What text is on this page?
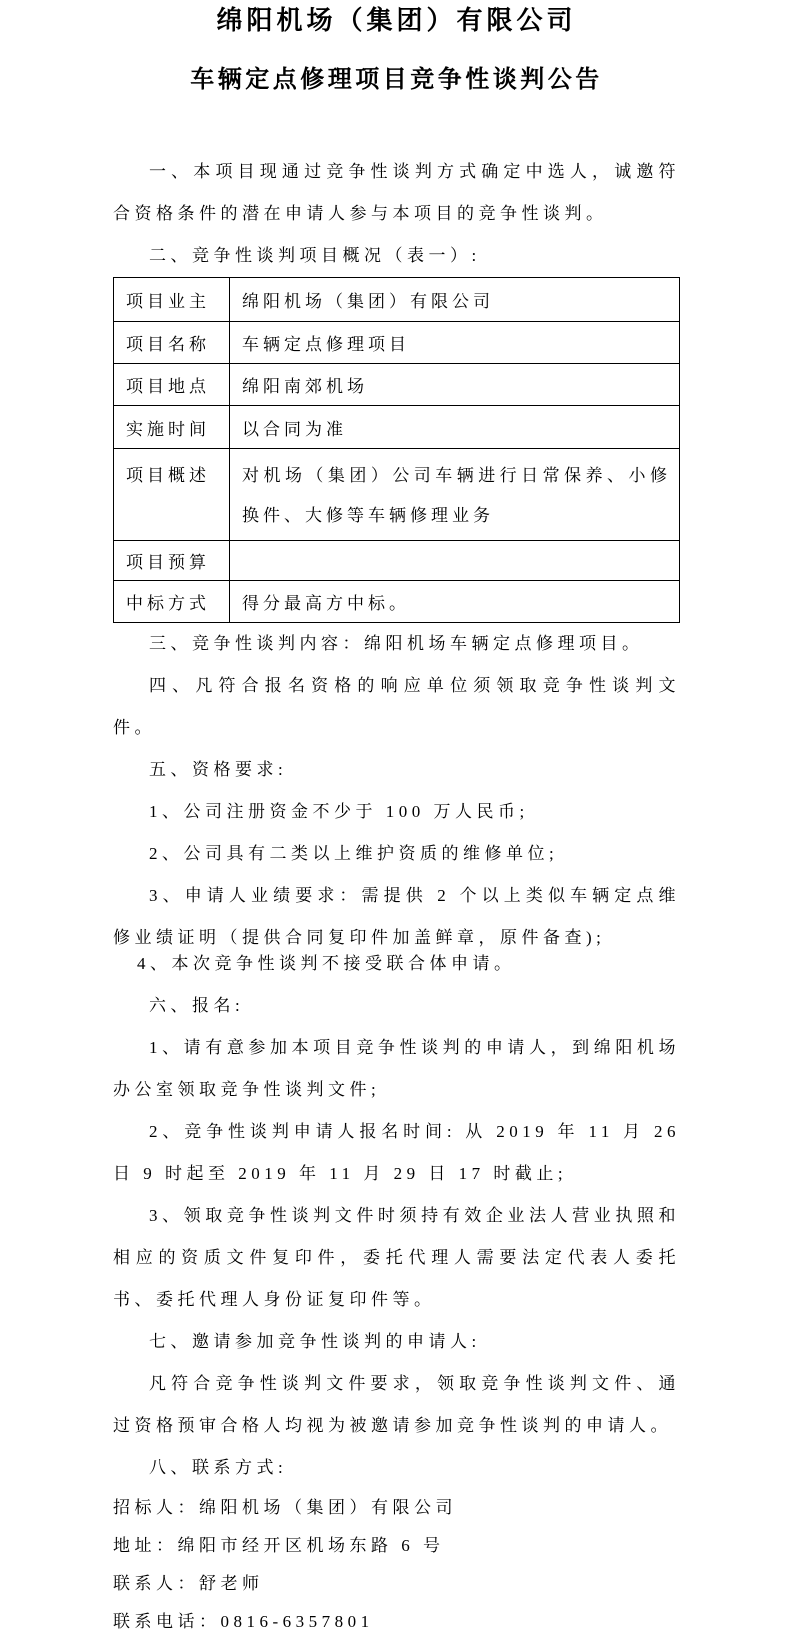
绵阳机场（集团）有限公司
车辆定点修理项目竞争性谈判公告

一、本项目现通过竞争性谈判方式确定中选人，诚邀符合资格条件的潜在申请人参与本项目的竞争性谈判。

二、竞争性谈判项目概况（表一）:

项目业主	绵阳机场（集团）有限公司
项目名称	车辆定点修理项目
项目地点	绵阳南郊机场
实施时间	以合同为准
项目概述	对机场（集团）公司车辆进行日常保养、小修换件、大修等车辆修理业务
项目预算	
中标方式	得分最高方中标。

三、竞争性谈判内容：绵阳机场车辆定点修理项目。

四、凡符合报名资格的响应单位须领取竞争性谈判文件。

五、资格要求:

1、公司注册资金不少于 100 万人民币;

2、公司具有二类以上维护资质的维修单位;

3、申请人业绩要求：需提供 2 个以上类似车辆定点维修业绩证明（提供合同复印件加盖鲜章，原件备查);

4、本次竞争性谈判不接受联合体申请。

六、报名:

1、请有意参加本项目竞争性谈判的申请人，到绵阳机场办公室领取竞争性谈判文件;

2、竞争性谈判申请人报名时间: 从 2019 年 11 月 26 日 9 时起至 2019 年 11 月 29 日 17 时截止;

3、领取竞争性谈判文件时须持有效企业法人营业执照和相应的资质文件复印件，委托代理人需要法定代表人委托书、委托代理人身份证复印件等。

七、邀请参加竞争性谈判的申请人:

凡符合竞争性谈判文件要求，领取竞争性谈判文件、通过资格预审合格人均视为被邀请参加竞争性谈判的申请人。

八、联系方式:

招标人：绵阳机场（集团）有限公司

地址：绵阳市经开区机场东路 6 号

联系人：舒老师

联系电话：0816-6357801
